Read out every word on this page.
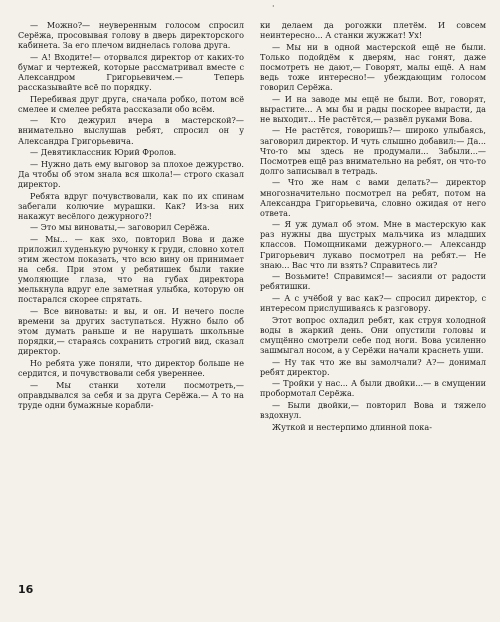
·

— Можно?— неуверенным голосом спросил Серёжа, просовывая голову в дверь директорского кабинета. За его плечом виднелась голова друга.

— А! Входите!— оторвался директор от каких-то бумаг и чертежей, которые рассматривал вместе с Александром Григорьевичем.— Теперь рассказывайте всё по порядку.

Перебивая друг друга, сначала робко, потом всё смелее и смелее ребята рассказали обо всём.

— Кто дежурил вчера в мастерской?— внимательно выслушав ребят, спросил он у Александра Григорьевича.

— Девятиклассник Юрий Фролов.

— Нужно дать ему выговор за плохое дежурство. Да чтобы об этом знала вся школа!— строго сказал директор.

Ребята вдруг почувствовали, как по их спинам забегали колючие мурашки. Как? Из-за них накажут весёлого дежурного?!

— Это мы виноваты,— заговорил Серёжа.

— Мы... — как эхо, повторил Вова и даже приложил худенькую ручонку к груди, словно хотел этим жестом показать, что всю вину он принимает на себя. При этом у ребятишек были такие умоляющие глаза, что на губах директора мелькнула вдруг еле заметная улыбка, которую он постарался скорее спрятать.

— Все виноваты: и вы, и он. И нечего после времени за других заступаться. Нужно было об этом думать раньше и не нарушать школьные порядки,— стараясь сохранить строгий вид, сказал директор.

Но ребята уже поняли, что директор больше не сердится, и почувствовали себя увереннее.

— Мы станки хотели посмотреть,— оправдывался за себя и за друга Серёжа.— А то на труде одни бумажные корабли-

ки делаем да рогожки плетём. И совсем неинтересно... А станки жужжат! Ух!

— Мы ни в одной мастерской ещё не были. Только подойдём к дверям, нас гонят, даже посмотреть не дают,— Говорят, малы ещё. А нам ведь тоже интересно!— убеждающим голосом говорил Серёжа.

— И на заводе мы ещё не были. Вот, говорят, вырастите... А мы бы и рады поскорее вырасти, да не выходит... Не растётся,— развёл руками Вова.

— Не растётся, говоришь?— широко улыбаясь, заговорил директор. И чуть слышно добавил:— Да... Что-то мы здесь не продумали... Забыли...— Посмотрев ещё раз внимательно на ребят, он что-то долго записывал в тетрадь.

— Что же нам с вами делать?— директор многозначительно посмотрел на ребят, потом на Александра Григорьевича, словно ожидая от него ответа.

— Я уж думал об этом. Мне в мастерскую как раз нужны два шустрых мальчика из младших классов. Помощниками дежурного.— Александр Григорьевич лукаво посмотрел на ребят.— Не знаю... Вас что ли взять? Справитесь ли?

— Возьмите! Справимся!— засияли от радости ребятишки.

— А с учёбой у вас как?— спросил директор, с интересом прислушиваясь к разговору.

Этот вопрос охладил ребят, как струя холодной воды в жаркий день. Они опустили головы и смущённо смотрели себе под ноги. Вова усиленно зашмыгал носом, а у Серёжи начали краснеть уши.

— Ну так что же вы замолчали? А?— донимал ребят директор.

— Тройки у нас... А были двойки...— в смущении пробормотал Серёжа.

— Были двойки,— повторил Вова и тяжело вздохнул.

Жуткой и нестерпимо длинной пока-

16
